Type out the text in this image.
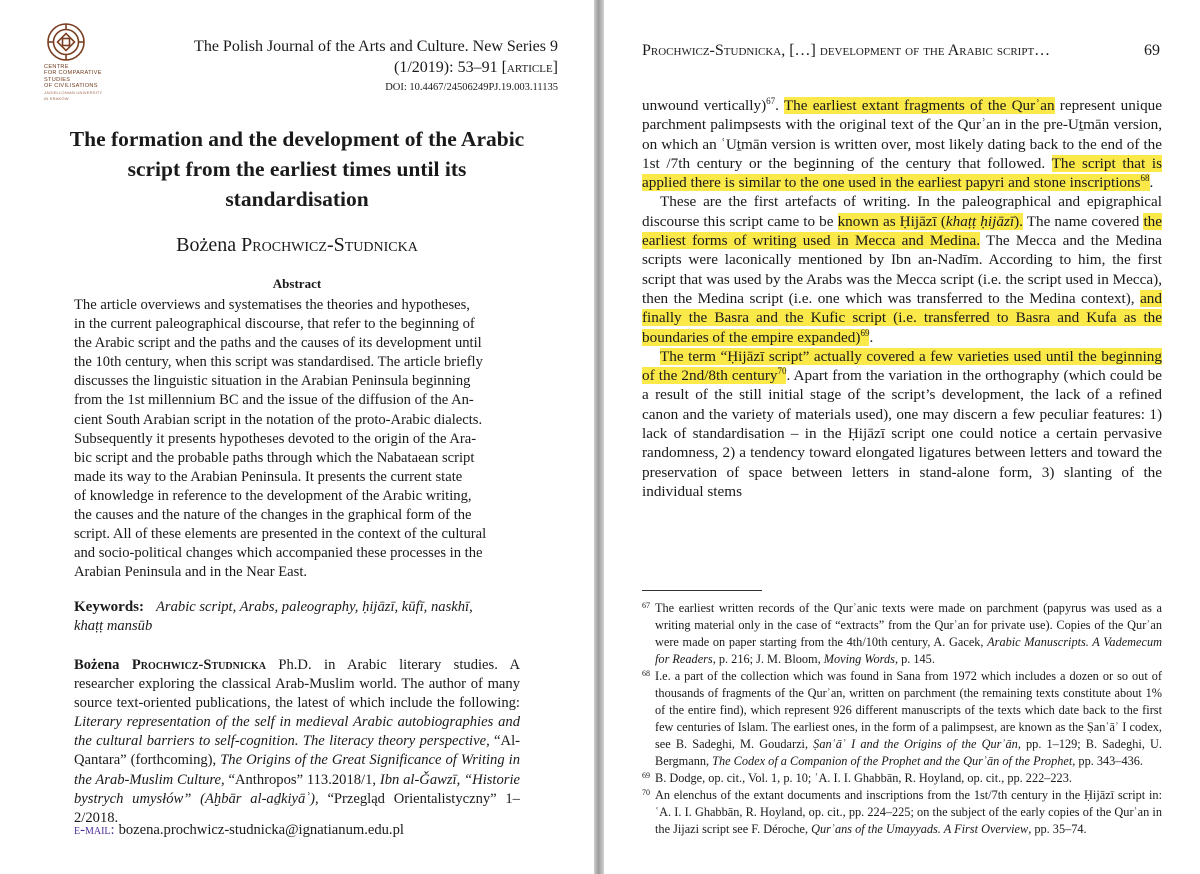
CENTRE
FOR COMPARATIVE
STUDIES
OF CIVILISATIONS
JAGIELLONIAN UNIVERSITY IN KRAKÓW
The Polish Journal of the Arts and Culture. New Series 9
(1/2019): 53–91 [article]
DOI: 10.4467/24506249PJ.19.003.11135
The formation and the development of the Arabic
script from the earliest times until its
standardisation
Bożena Prochwicz-Studnicka
Abstract
The article overviews and systematises the theories and hypotheses,
in the current paleographical discourse, that refer to the beginning of
the Arabic script and the paths and the causes of its development until
the 10th century, when this script was standardised. The article briefly
discusses the linguistic situation in the Arabian Peninsula beginning
from the 1st millennium BC and the issue of the diffusion of the An-
cient South Arabian script in the notation of the proto-Arabic dialects.
Subsequently it presents hypotheses devoted to the origin of the Ara-
bic script and the probable paths through which the Nabataean script
made its way to the Arabian Peninsula. It presents the current state
of knowledge in reference to the development of the Arabic writing,
the causes and the nature of the changes in the graphical form of the
script. All of these elements are presented in the context of the cultural
and socio-political changes which accompanied these processes in the
Arabian Peninsula and in the Near East.
Keywords: Arabic script, Arabs, paleography, ḥijāzī, kūfī, naskhī,
khaṭṭ mansūb
Bożena Prochwicz-Studnicka Ph.D. in Arabic literary studies. A researcher exploring the classical Arab-Muslim world. The author of many source text-oriented publications, the latest of which include the following: Literary representation of the self in medieval Arabic autobiographies and the cultural barriers to self-cognition. The literacy theory perspective, “Al-Qantara” (forthcoming), The Origins of the Great Significance of Writing in the Arab-Muslim Culture, “Anthropos” 113.2018/1, Ibn al-Ǧawzī, “Historie bystrych umysłów” (Aḫbār al-aḏkiyāʾ), “Przegląd Orientalistyczny” 1–2/2018.
e-mail: bozena.prochwicz-studnicka@ignatianum.edu.pl
Prochwicz-Studnicka, […] development of the Arabic script…	69

unwound vertically)$^{67}$. The earliest extant fragments of the Qurʾan represent unique parchment palimpsests with the original text of the Qurʾan in the pre-Uṯmān version, on which an ʿUṯmān version is written over, most likely dating back to the end of the 1st /7th century or the beginning of the century that followed. The script that is applied there is similar to the one used in the earliest papyri and stone inscriptions$^{68}$.

These are the first artefacts of writing. In the paleographical and epigraphical discourse this script came to be known as Ḥijāzī (khaṭṭ ḥijāzī). The name covered the earliest forms of writing used in Mecca and Medina. The Mecca and the Medina scripts were laconically mentioned by Ibn an-Nadīm. According to him, the first script that was used by the Arabs was the Mecca script (i.e. the script used in Mecca), then the Medina script (i.e. one which was transferred to the Medina context), and finally the Basra and the Kufic script (i.e. transferred to Basra and Kufa as the boundaries of the empire expanded)$^{69}$.

The term “Ḥijāzī script” actually covered a few varieties used until the beginning of the 2nd/8th century$^{70}$. Apart from the variation in the orthography (which could be a result of the still initial stage of the script’s development, the lack of a refined canon and the variety of materials used), one may discern a few peculiar features: 1) lack of standardisation – in the Ḥijāzī script one could notice a certain pervasive randomness, 2) a tendency toward elongated ligatures between letters and toward the preservation of space between letters in stand-alone form, 3) slanting of the individual stems

67 The earliest written records of the Qurʾanic texts were made on parchment (papyrus was used as a writing material only in the case of “extracts” from the Qurʾan for private use). Copies of the Qurʾan were made on paper starting from the 4th/10th century, A. Gacek, Arabic Manuscripts. A Vademecum for Readers, p. 216; J. M. Bloom, Moving Words, p. 145.
68 I.e. a part of the collection which was found in Sana from 1972 which includes a dozen or so out of thousands of fragments of the Qurʾan, written on parchment (the remaining texts constitute about 1% of the entire find), which represent 926 different manuscripts of the texts which date back to the first few centuries of Islam. The earliest ones, in the form of a palimpsest, are known as the Ṣanʿāʾ I codex, see B. Sadeghi, M. Goudarzi, Ṣanʿāʾ I and the Origins of the Qurʾān, pp. 1–129; B. Sadeghi, U. Bergmann, The Codex of a Companion of the Prophet and the Qurʾān of the Prophet, pp. 343–436.
69 B. Dodge, op. cit., Vol. 1, p. 10; ʿA. I. I. Ghabbān, R. Hoyland, op. cit., pp. 222–223.
70 An elenchus of the extant documents and inscriptions from the 1st/7th century in the Ḥijāzī script in: ʿA. I. I. Ghabbān, R. Hoyland, op. cit., pp. 224–225; on the subject of the early copies of the Qurʾan in the Jijazi script see F. Déroche, Qurʾans of the Umayyads. A First Overview, pp. 35–74.
